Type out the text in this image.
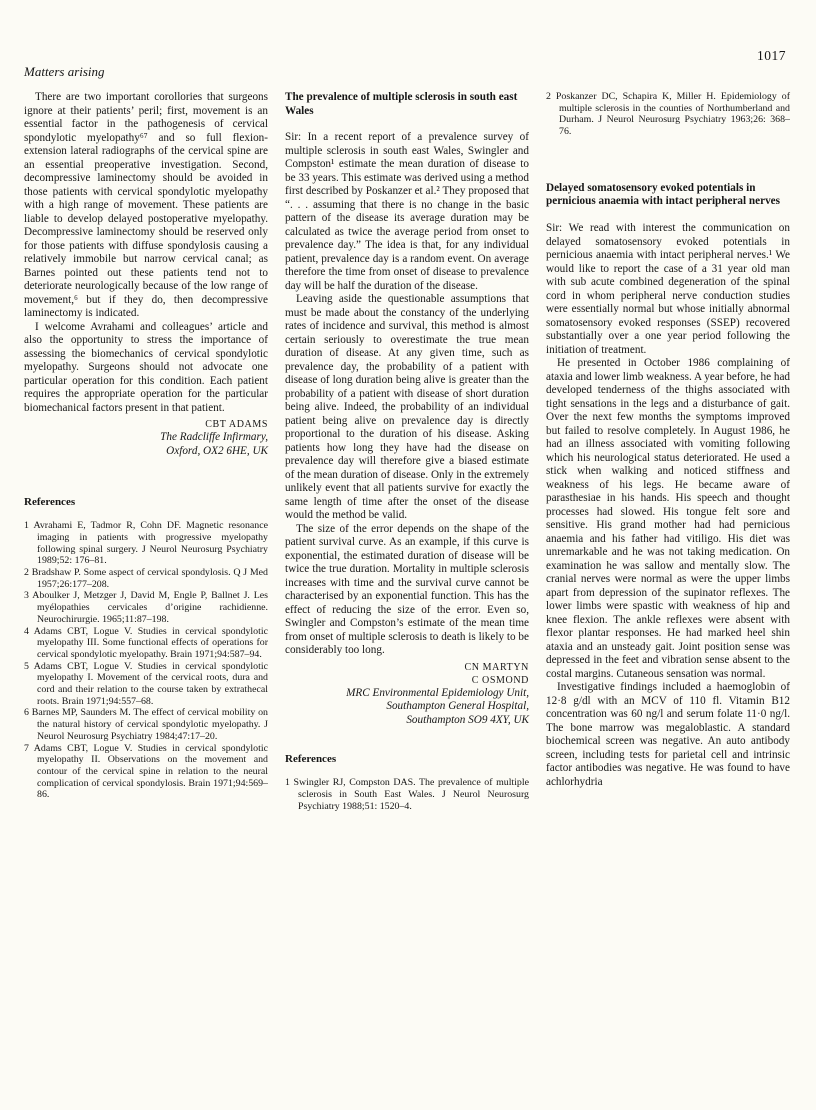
1017
Matters arising

There are two important corollories that surgeons ignore at their patients’ peril; first, movement is an essential factor in the pathogenesis of cervical spondylotic myelopathy⁶⁷ and so full flexion-extension lateral radiographs of the cervical spine are an essential preoperative investigation. Second, decompressive laminectomy should be avoided in those patients with cervical spondylotic myelopathy with a high range of movement. These patients are liable to develop delayed postoperative myelopathy. Decompressive laminectomy should be reserved only for those patients with diffuse spondylosis causing a relatively immobile but narrow cervical canal; as Barnes pointed out these patients tend not to deteriorate neurologically because of the low range of movement,⁶ but if they do, then decompressive laminectomy is indicated.

I welcome Avrahami and colleagues’ article and also the opportunity to stress the importance of assessing the biomechanics of cervical spondylotic myelopathy. Surgeons should not advocate one particular operation for this condition. Each patient requires the appropriate operation for the particular biomechanical factors present in that patient.

CBT ADAMS
The Radcliffe Infirmary,
Oxford, OX2 6HE, UK
References

1 Avrahami E, Tadmor R, Cohn DF. Magnetic resonance imaging in patients with progressive myelopathy following spinal surgery. J Neurol Neurosurg Psychiatry 1989;52: 176–81.

2 Bradshaw P. Some aspect of cervical spondylosis. Q J Med 1957;26:177–208.

3 Aboulker J, Metzger J, David M, Engle P, Ballnet J. Les myélopathies cervicales d’origine rachidienne. Neurochirurgie. 1965;11:87–198.

4 Adams CBT, Logue V. Studies in cervical spondylotic myelopathy III. Some functional effects of operations for cervical spondylotic myelopathy. Brain 1971;94:587–94.

5 Adams CBT, Logue V. Studies in cervical spondylotic myelopathy I. Movement of the cervical roots, dura and cord and their relation to the course taken by extrathecal roots. Brain 1971;94:557–68.

6 Barnes MP, Saunders M. The effect of cervical mobility on the natural history of cervical spondylotic myelopathy. J Neurol Neurosurg Psychiatry 1984;47:17–20.

7 Adams CBT, Logue V. Studies in cervical spondylotic myelopathy II. Observations on the movement and contour of the cervical spine in relation to the neural complication of cervical spondylosis. Brain 1971;94:569–86.

The prevalence of multiple sclerosis in south east Wales

Sir: In a recent report of a prevalence survey of multiple sclerosis in south east Wales, Swingler and Compston¹ estimate the mean duration of disease to be 33 years. This estimate was derived using a method first described by Poskanzer et al.² They proposed that “. . . assuming that there is no change in the basic pattern of the disease its average duration may be calculated as twice the average period from onset to prevalence day.” The idea is that, for any individual patient, prevalence day is a random event. On average therefore the time from onset of disease to prevalence day will be half the duration of the disease.

Leaving aside the questionable assumptions that must be made about the constancy of the underlying rates of incidence and survival, this method is almost certain seriously to overestimate the true mean duration of disease. At any given time, such as prevalence day, the probability of a patient with disease of long duration being alive is greater than the probability of a patient with disease of short duration being alive. Indeed, the probability of an individual patient being alive on prevalence day is directly proportional to the duration of his disease. Asking patients how long they have had the disease on prevalence day will therefore give a biased estimate of the mean duration of disease. Only in the extremely unlikely event that all patients survive for exactly the same length of time after the onset of the disease would the method be valid.

The size of the error depends on the shape of the patient survival curve. As an example, if this curve is exponential, the estimated duration of disease will be twice the true duration. Mortality in multiple sclerosis increases with time and the survival curve cannot be characterised by an exponential function. This has the effect of reducing the size of the error. Even so, Swingler and Compston’s estimate of the mean time from onset of multiple sclerosis to death is likely to be considerably too long.

CN MARTYN
C OSMOND
MRC Environmental Epidemiology Unit,
Southampton General Hospital,
Southampton SO9 4XY, UK
References

1 Swingler RJ, Compston DAS. The prevalence of multiple sclerosis in South East Wales. J Neurol Neurosurg Psychiatry 1988;51: 1520–4.

2 Poskanzer DC, Schapira K, Miller H. Epidemiology of multiple sclerosis in the counties of Northumberland and Durham. J Neurol Neurosurg Psychiatry 1963;26: 368–76.

Delayed somatosensory evoked potentials in pernicious anaemia with intact peripheral nerves

Sir: We read with interest the communication on delayed somatosensory evoked potentials in pernicious anaemia with intact peripheral nerves.¹ We would like to report the case of a 31 year old man with sub acute combined degeneration of the spinal cord in whom peripheral nerve conduction studies were essentially normal but whose initially abnormal somatosensory evoked responses (SSEP) recovered substantially over a one year period following the initiation of treatment.

He presented in October 1986 complaining of ataxia and lower limb weakness. A year before, he had developed tenderness of the thighs associated with tight sensations in the legs and a disturbance of gait. Over the next few months the symptoms improved but failed to resolve completely. In August 1986, he had an illness associated with vomiting following which his neurological status deteriorated. He used a stick when walking and noticed stiffness and weakness of his legs. He became aware of parasthesiae in his hands. His speech and thought processes had slowed. His tongue felt sore and sensitive. His grand mother had had pernicious anaemia and his father had vitiligo. His diet was unremarkable and he was not taking medication. On examination he was sallow and mentally slow. The cranial nerves were normal as were the upper limbs apart from depression of the supinator reflexes. The lower limbs were spastic with weakness of hip and knee flexion. The ankle reflexes were absent with flexor plantar responses. He had marked heel shin ataxia and an unsteady gait. Joint position sense was depressed in the feet and vibration sense absent to the costal margins. Cutaneous sensation was normal.

Investigative findings included a haemoglobin of 12·8 g/dl with an MCV of 110 fl. Vitamin B12 concentration was 60 ng/l and serum folate 11·0 ng/l. The bone marrow was megaloblastic. A standard biochemical screen was negative. An auto antibody screen, including tests for parietal cell and intrinsic factor antibodies was negative. He was found to have achlorhydria
